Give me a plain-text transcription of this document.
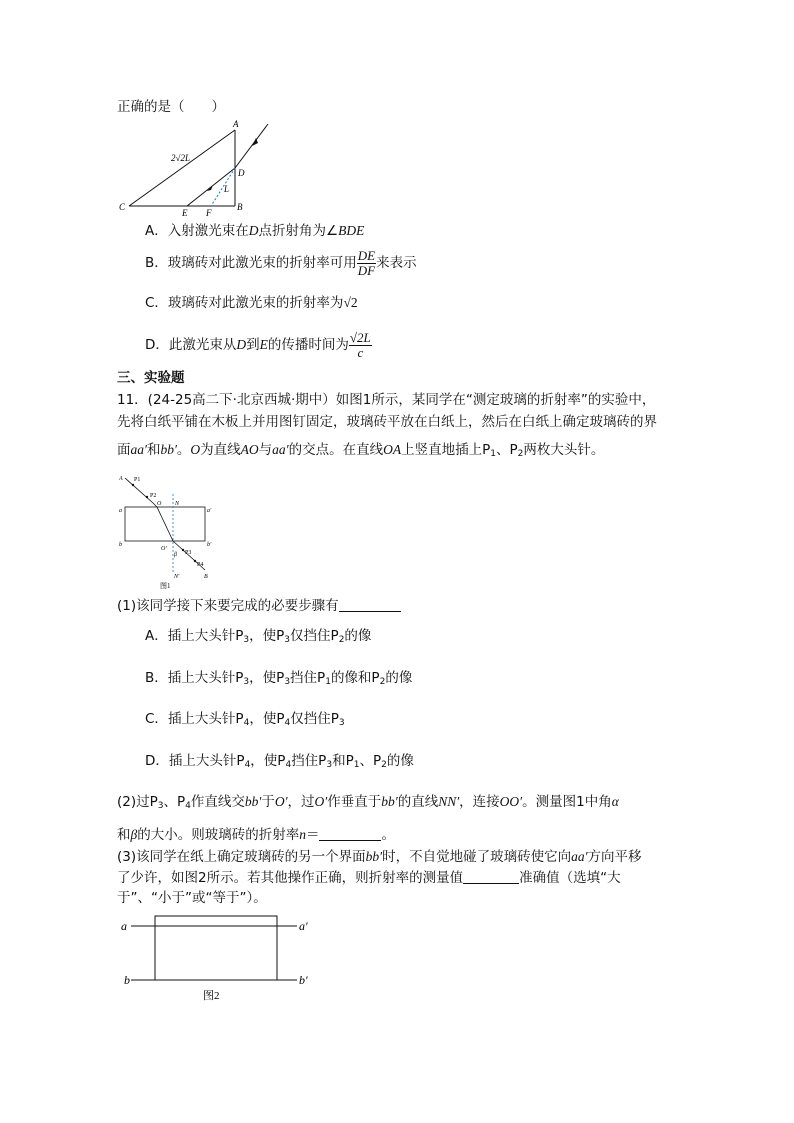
正确的是（　　）
A
B
C
D
E F
L
2√2L
A．入射激光束在D点折射角为∠BDE
B．玻璃砖对此激光束的折射率可用 $\frac{DE}{DF}$ 来表示
C．玻璃砖对此激光束的折射率为√2
D．此激光束从D到E的传播时间为 $\frac{√2L}{c}$
三、实验题
11．(24-25高二下·北京西城·期中）如图1所示，某同学在“测定玻璃的折射率”的实验中，
先将白纸平铺在木板上并用图钉固定，玻璃砖平放在白纸上，然后在白纸上确定玻璃砖的界
面aa′和bb′。O为直线AO与aa′的交点。在直线OA上竖直地插上$P_1$、$P_2$两枚大头针。
A P1
P2
O N
a	a'
b	b'
O'
β P3
P4
B
N'
图1
(1)该同学接下来要完成的必要步骤有
A．插上大头针$P_3$，使$P_3$仅挡住$P_2$的像
B．插上大头针$P_3$，使$P_3$挡住$P_1$的像和$P_2$的像
C．插上大头针$P_4$，使$P_4$仅挡住$P_3$
D．插上大头针$P_4$，使$P_4$挡住$P_3$和$P_1$、$P_2$的像
(2)过$P_3$、$P_4$作直线交bb′于O′，过O′作垂直于bb′的直线NN′，连接OO′。测量图1中角α
和β的大小。则玻璃砖的折射率n＝	。
(3)该同学在纸上确定玻璃砖的另一个界面bb′时，不自觉地碰了玻璃砖使它向aa′方向平移
了少许，如图2所示。若其他操作正确，则折射率的测量值	准确值（选填“大
于”、“小于”或“等于”）。
a	a′
b	b′
图2
